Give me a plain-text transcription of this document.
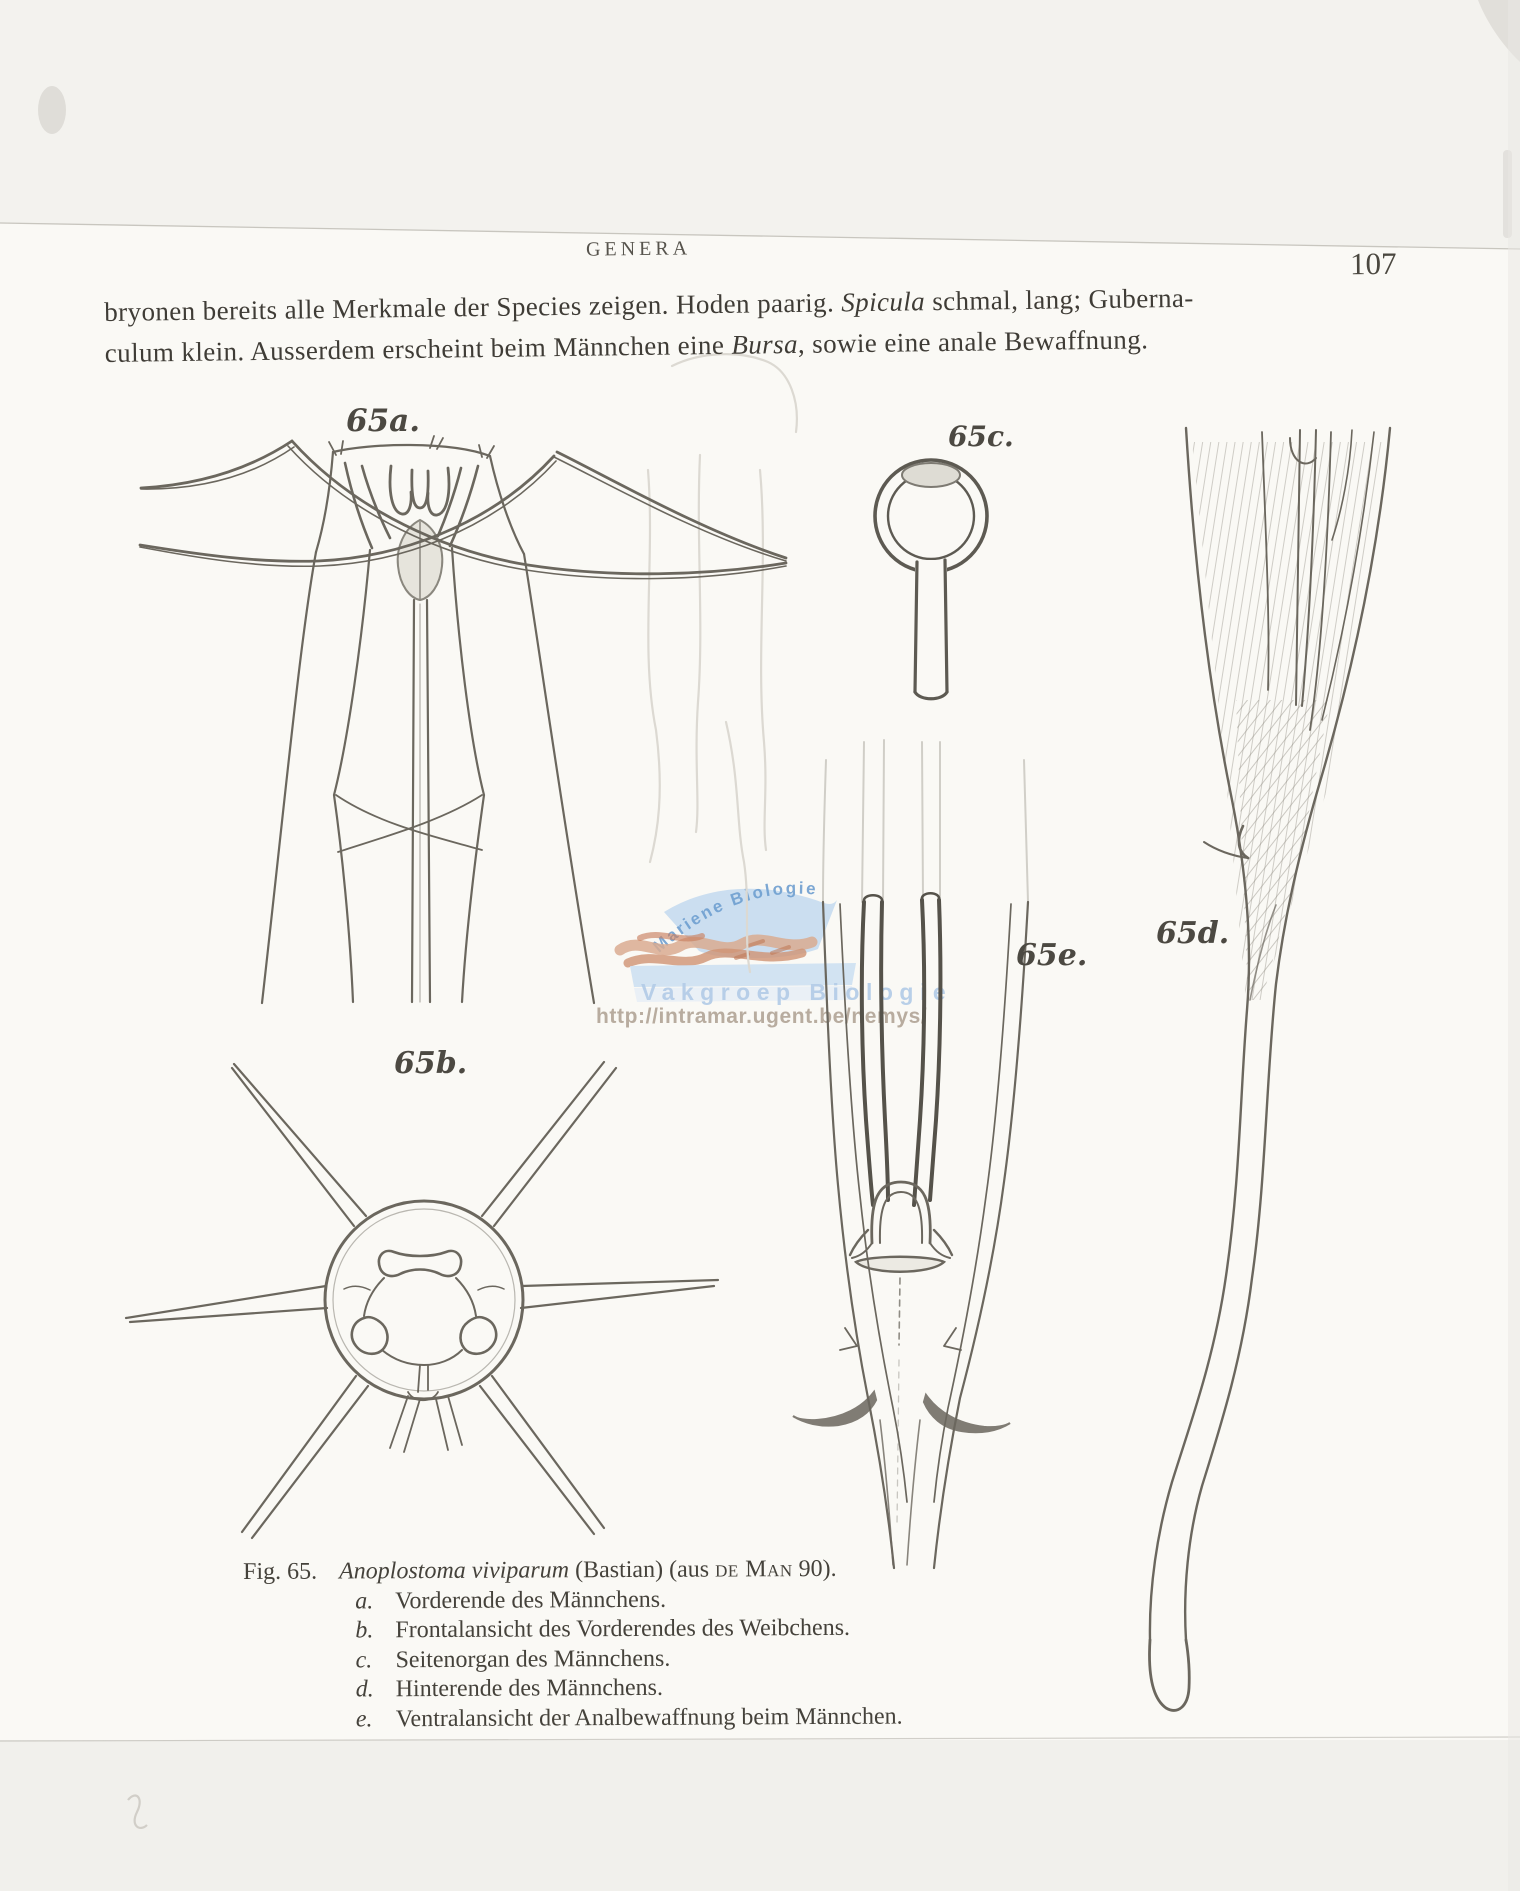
Mariene Biologie
Vakgroep Biologie
http://intramar.ugent.be/nemys/
GENERA	107
bryonen bereits alle Merkmale der Species zeigen. Hoden paarig. Spicula schmal, lang; Guberna-
culum klein. Ausserdem erscheint beim Männchen eine Bursa, sowie eine anale Bewaffnung.
65a.
65b.
65c.
65d.
65e.
Fig. 65. Anoplostoma viviparum (Bastian) (aus de Man 90).
a. Vorderende des Männchens.
b. Frontalansicht des Vorderendes des Weibchens.
c. Seitenorgan des Männchens.
d. Hinterende des Männchens.
e. Ventralansicht der Analbewaffnung beim Männchen.
